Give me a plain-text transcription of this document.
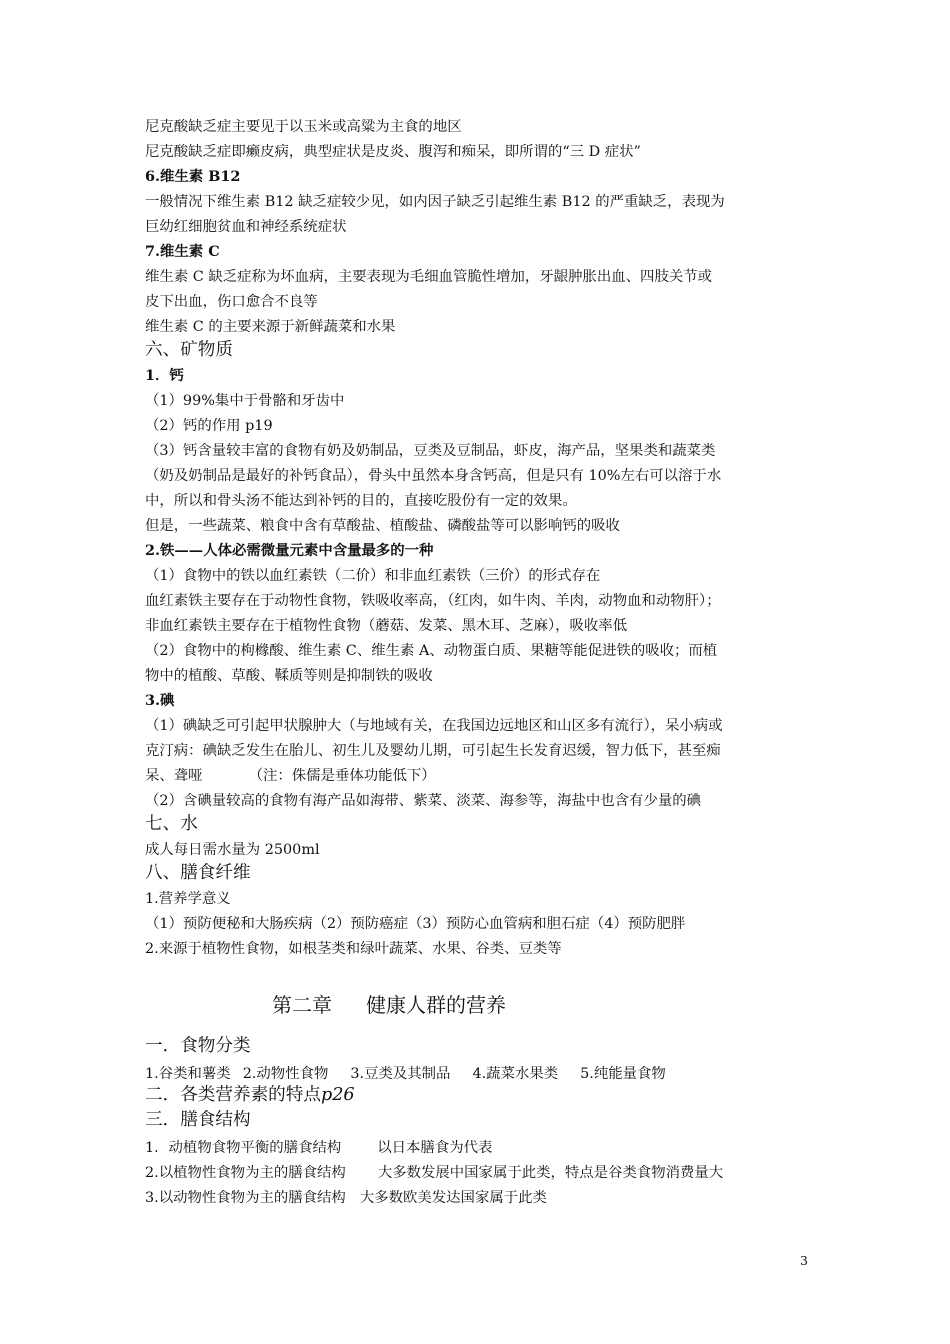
尼克酸缺乏症主要见于以玉米或高粱为主食的地区
尼克酸缺乏症即癞皮病，典型症状是皮炎、腹泻和痴呆，即所谓的“三 D 症状”
6.维生素 B12
一般情况下维生素 B12 缺乏症较少见，如内因子缺乏引起维生素 B12 的严重缺乏，表现为
巨幼红细胞贫血和神经系统症状
7.维生素 C
维生素 C 缺乏症称为坏血病，主要表现为毛细血管脆性增加，牙龈肿胀出血、四肢关节或
皮下出血，伤口愈合不良等
维生素 C 的主要来源于新鲜蔬菜和水果
六、矿物质
1．钙
（1）99%集中于骨骼和牙齿中
（2）钙的作用 p19
（3）钙含量较丰富的食物有奶及奶制品，豆类及豆制品，虾皮，海产品，坚果类和蔬菜类
（奶及奶制品是最好的补钙食品），骨头中虽然本身含钙高，但是只有 10%左右可以溶于水
中，所以和骨头汤不能达到补钙的目的，直接吃股份有一定的效果。
但是，一些蔬菜、粮食中含有草酸盐、植酸盐、磷酸盐等可以影响钙的吸收
2.铁——人体必需微量元素中含量最多的一种
（1）食物中的铁以血红素铁（二价）和非血红素铁（三价）的形式存在
血红素铁主要存在于动物性食物，铁吸收率高，（红肉，如牛肉、羊肉，动物血和动物肝）；
非血红素铁主要存在于植物性食物（蘑菇、发菜、黑木耳、芝麻），吸收率低
（2）食物中的枸橼酸、维生素 C、维生素 A、动物蛋白质、果糖等能促进铁的吸收；而植
物中的植酸、草酸、鞣质等则是抑制铁的吸收
3.碘
（1）碘缺乏可引起甲状腺肿大（与地域有关，在我国边远地区和山区多有流行），呆小病或
克汀病：碘缺乏发生在胎儿、初生儿及婴幼儿期，可引起生长发育迟缓，智力低下，甚至痴
呆、聋哑	（注：侏儒是垂体功能低下）
（2）含碘量较高的食物有海产品如海带、紫菜、淡菜、海参等，海盐中也含有少量的碘
七、水
成人每日需水量为 2500ml
八、膳食纤维
1.营养学意义
（1）预防便秘和大肠疾病（2）预防癌症（3）预防心血管病和胆石症（4）预防肥胖
2.来源于植物性食物，如根茎类和绿叶蔬菜、水果、谷类、豆类等
第二章 健康人群的营养
一．食物分类
1.谷类和薯类 2.动物性食物 3.豆类及其制品 4.蔬菜水果类 5.纯能量食物
二．各类营养素的特点p26
三．膳食结构
1．动植物食物平衡的膳食结构	以日本膳食为代表
2.以植物性食物为主的膳食结构 大多数发展中国家属于此类，特点是谷类食物消费量大
3.以动物性食物为主的膳食结构 大多数欧美发达国家属于此类
3
